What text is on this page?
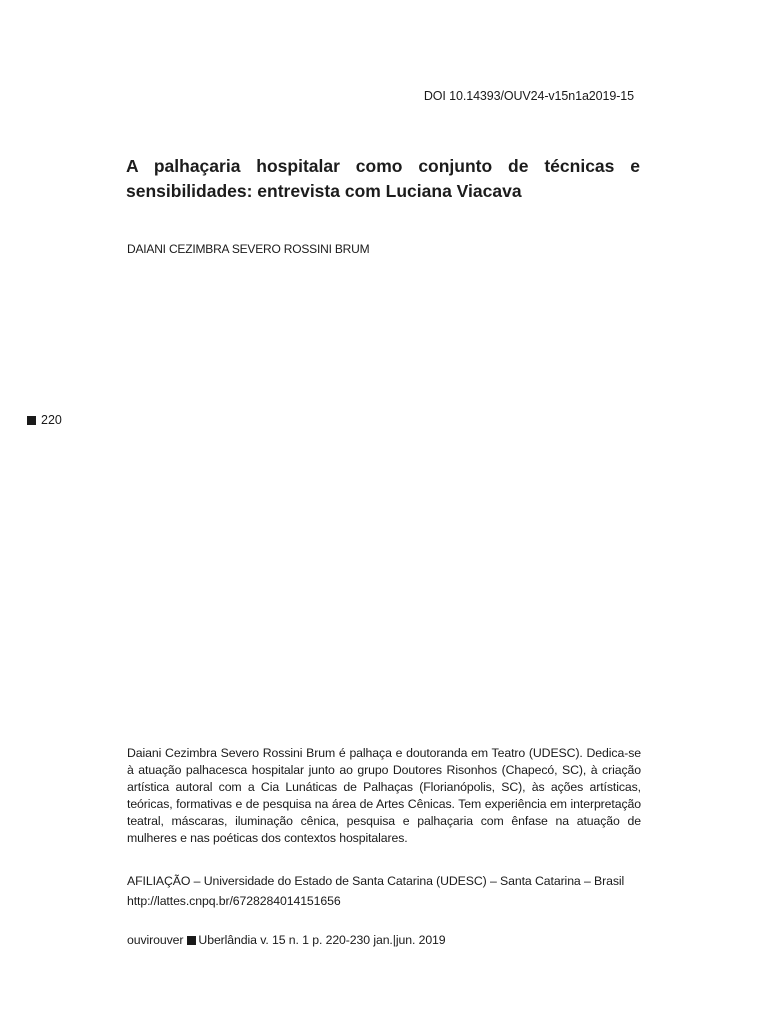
DOI 10.14393/OUV24-v15n1a2019-15
A palhaçaria hospitalar como conjunto de técnicas e sensibilidades: entrevista com Luciana Viacava
DAIANI CEZIMBRA SEVERO ROSSINI BRUM
220

Daiani Cezimbra Severo Rossini Brum é palhaça e doutoranda em Teatro (UDESC). Dedica-se à atuação palhacesca hospitalar junto ao grupo Doutores Risonhos (Chapecó, SC), à criação artística autoral com a Cia Lunáticas de Palhaças (Florianópolis, SC), às ações artísticas, teóricas, formativas e de pesquisa na área de Artes Cênicas. Tem experiência em interpretação teatral, máscaras, iluminação cênica, pesquisa e palhaçaria com ênfase na atuação de mulheres e nas poéticas dos contextos hospitalares.

AFILIAÇÃO – Universidade do Estado de Santa Catarina (UDESC) – Santa Catarina – Brasil
http://lattes.cnpq.br/6728284014151656
ouvirouver Uberlândia v. 15 n. 1 p. 220-230 jan.|jun. 2019
